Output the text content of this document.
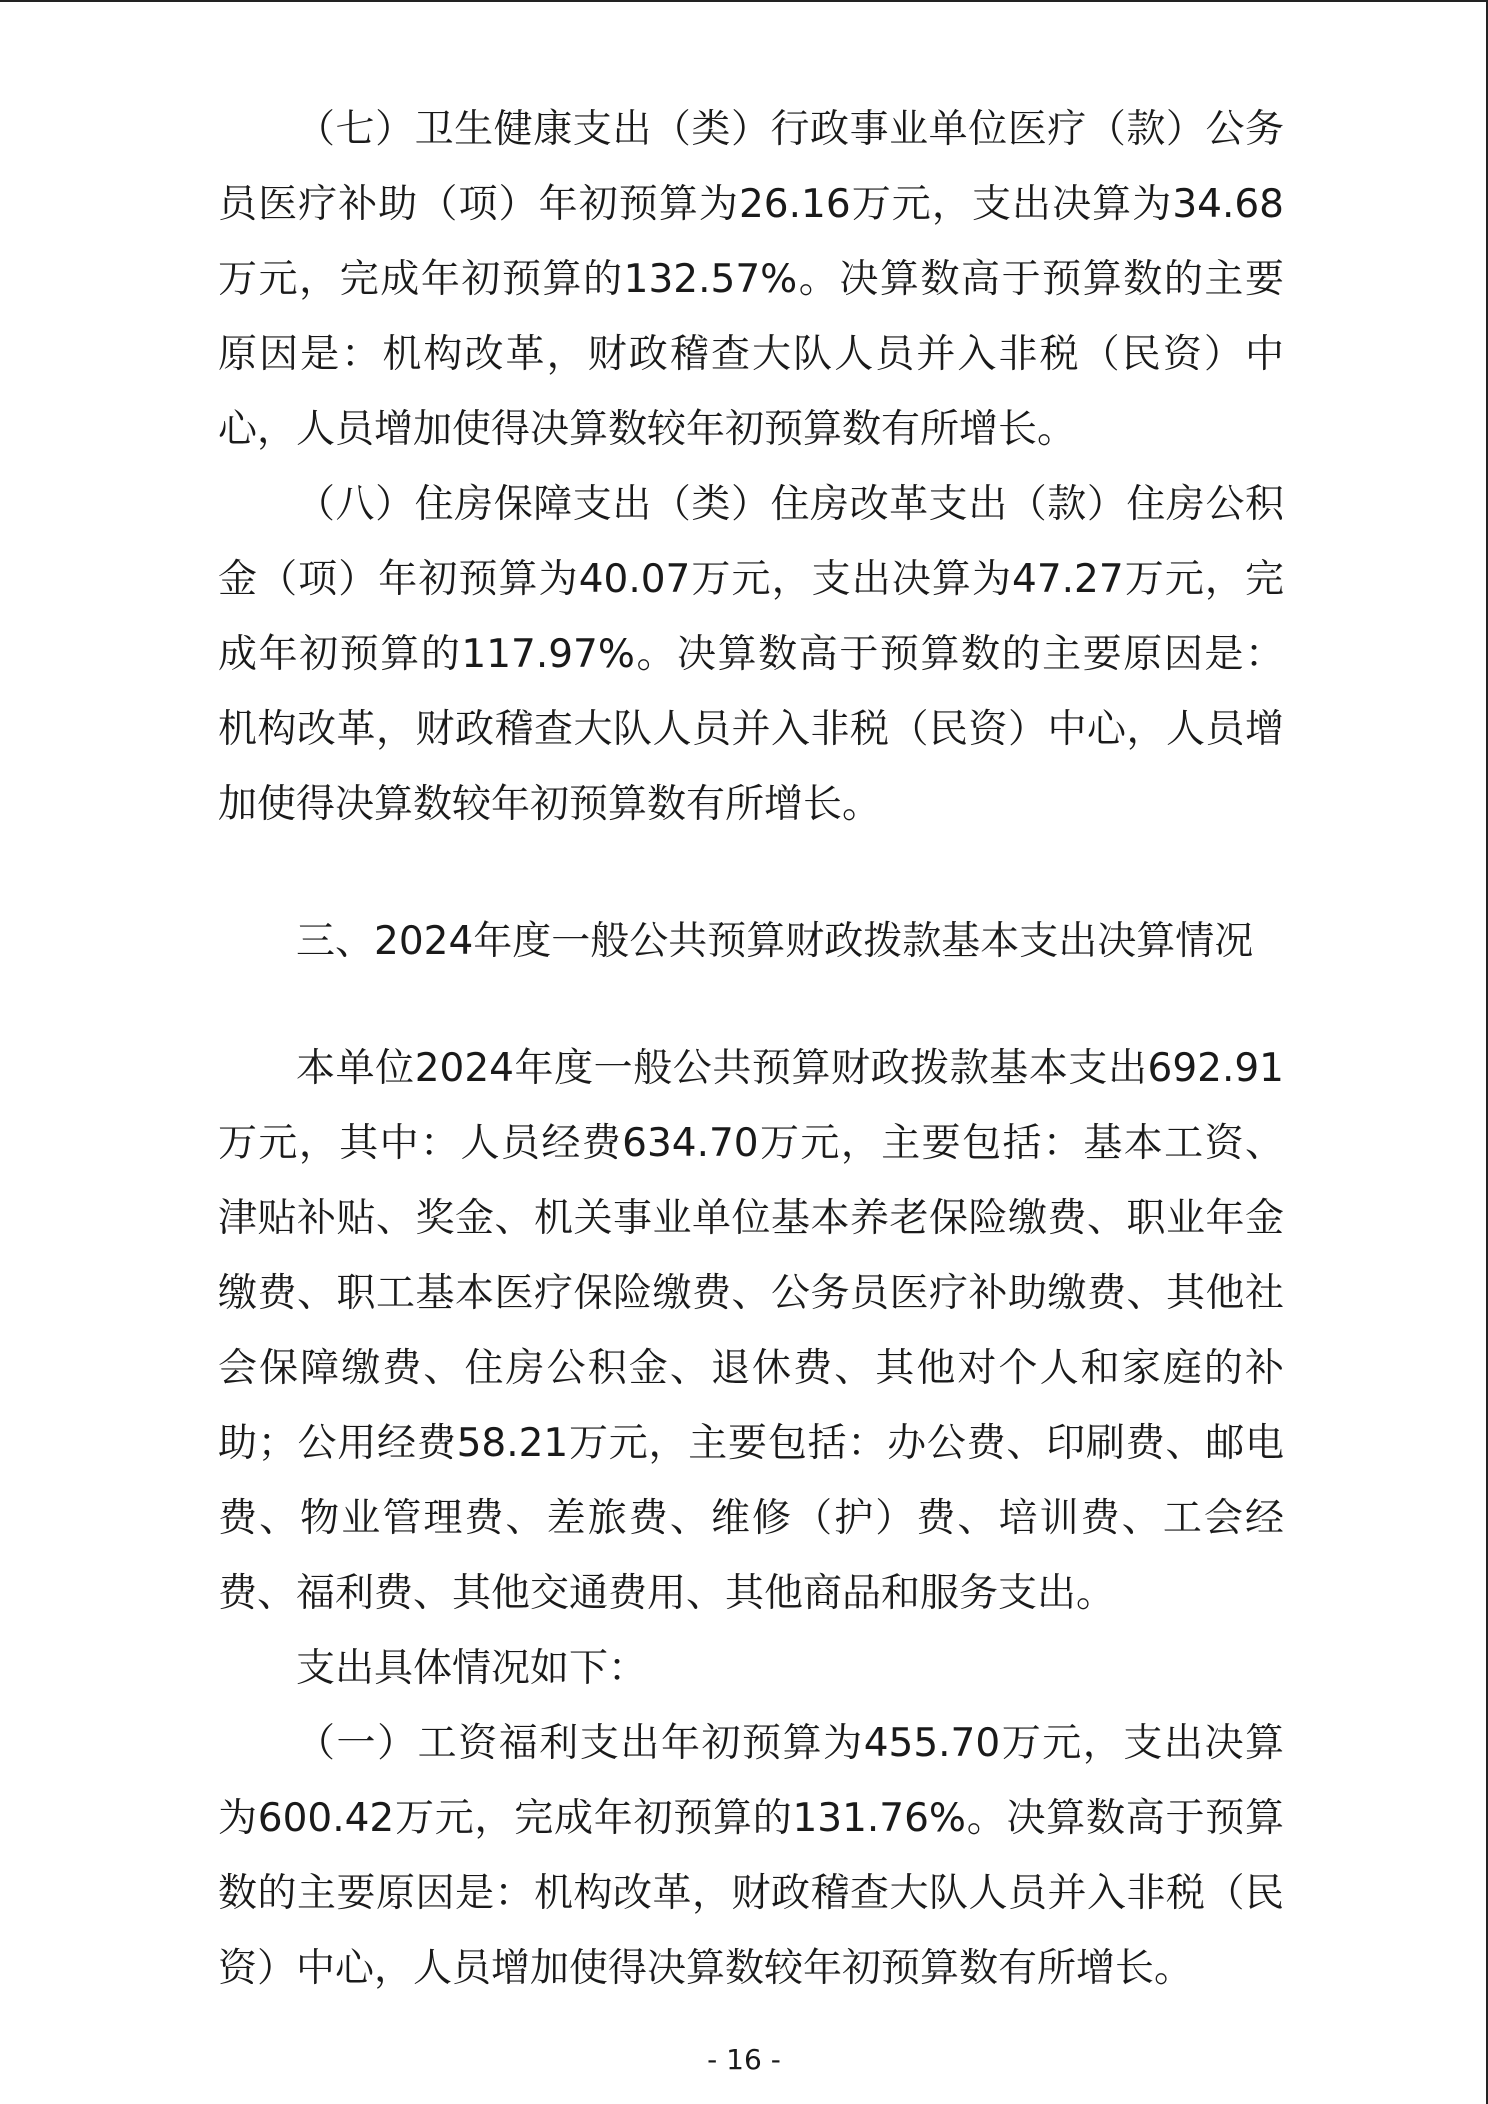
（七）卫生健康支出（类）行政事业单位医疗（款）公务员医疗补助（项）年初预算为26.16万元，支出决算为34.68万元，完成年初预算的132.57%。决算数高于预算数的主要原因是：机构改革，财政稽查大队人员并入非税（民资）中心，人员增加使得决算数较年初预算数有所增长。

（八）住房保障支出（类）住房改革支出（款）住房公积金（项）年初预算为40.07万元，支出决算为47.27万元，完成年初预算的117.97%。决算数高于预算数的主要原因是：机构改革，财政稽查大队人员并入非税（民资）中心，人员增加使得决算数较年初预算数有所增长。

三、2024年度一般公共预算财政拨款基本支出决算情况

本单位2024年度一般公共预算财政拨款基本支出692.91万元，其中：人员经费634.70万元，主要包括：基本工资、津贴补贴、奖金、机关事业单位基本养老保险缴费、职业年金缴费、职工基本医疗保险缴费、公务员医疗补助缴费、其他社会保障缴费、住房公积金、退休费、其他对个人和家庭的补助；公用经费58.21万元，主要包括：办公费、印刷费、邮电费、物业管理费、差旅费、维修（护）费、培训费、工会经费、福利费、其他交通费用、其他商品和服务支出。

支出具体情况如下：

（一）工资福利支出年初预算为455.70万元，支出决算为600.42万元，完成年初预算的131.76%。决算数高于预算数的主要原因是：机构改革，财政稽查大队人员并入非税（民资）中心，人员增加使得决算数较年初预算数有所增长。

- 16 -
